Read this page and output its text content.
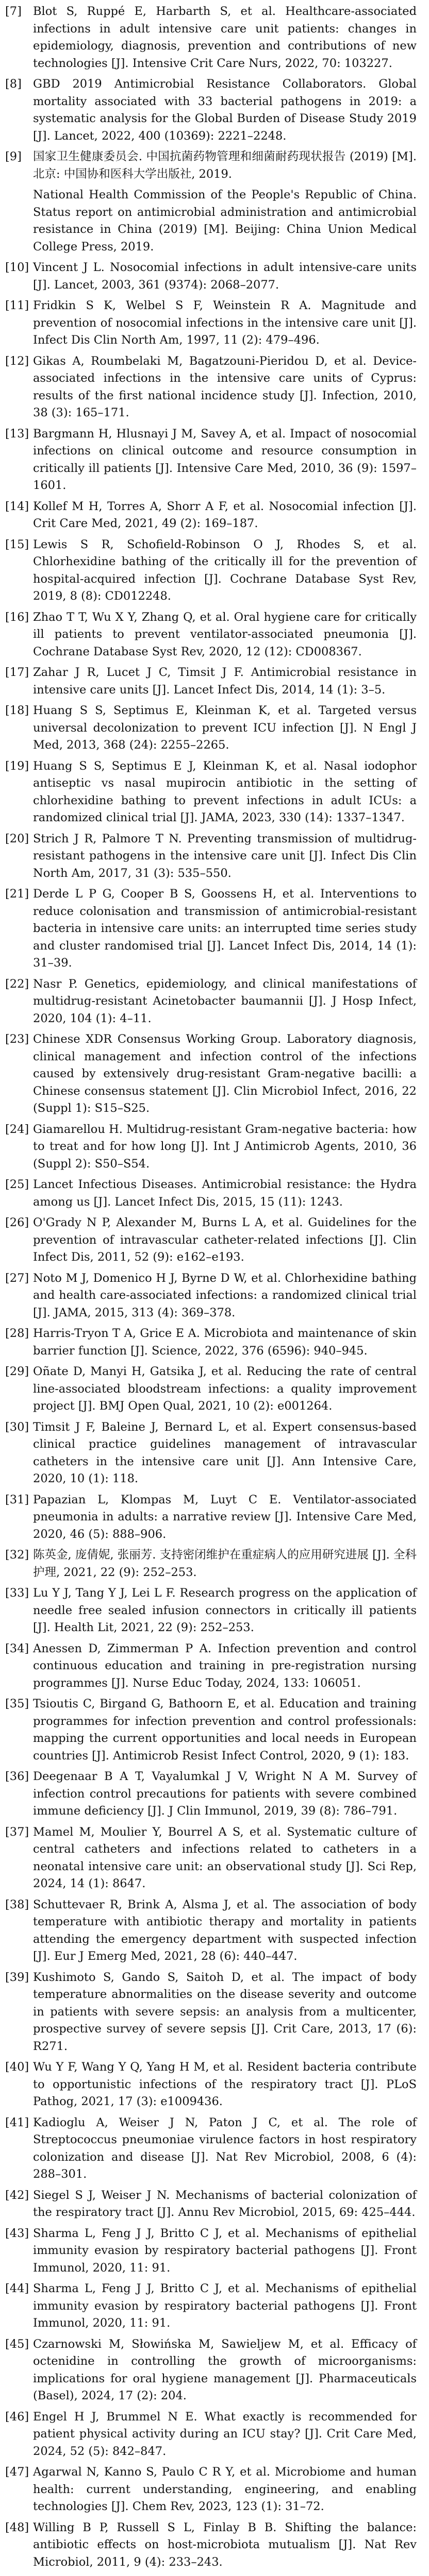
[7] Blot S, Ruppé E, Harbarth S, et al. Healthcare-associated infections in adult intensive care unit patients: changes in epidemiology, diagnosis, prevention and contributions of new technologies [J]. Intensive Crit Care Nurs, 2022, 70: 103227.
[8] GBD 2019 Antimicrobial Resistance Collaborators. Global mortality associated with 33 bacterial pathogens in 2019: a systematic analysis for the Global Burden of Disease Study 2019 [J]. Lancet, 2022, 400 (10369): 2221–2248.
[9] 国家卫生健康委员会. 中国抗菌药物管理和细菌耐药现状报告 (2019) [M]. 北京: 中国协和医科大学出版社, 2019.
National Health Commission of the People's Republic of China. Status report on antimicrobial administration and antimicrobial resistance in China (2019) [M]. Beijing: China Union Medical College Press, 2019.
[10] Vincent J L. Nosocomial infections in adult intensive-care units [J]. Lancet, 2003, 361 (9374): 2068–2077.
[11] Fridkin S K, Welbel S F, Weinstein R A. Magnitude and prevention of nosocomial infections in the intensive care unit [J]. Infect Dis Clin North Am, 1997, 11 (2): 479–496.
[12] Gikas A, Roumbelaki M, Bagatzouni-Pieridou D, et al. Device-associated infections in the intensive care units of Cyprus: results of the first national incidence study [J]. Infection, 2010, 38 (3): 165–171.
[13] Bargmann H, Hlusnayi J M, Savey A, et al. Impact of nosocomial infections on clinical outcome and resource consumption in critically ill patients [J]. Intensive Care Med, 2010, 36 (9): 1597–1601.
[14] Kollef M H, Torres A, Shorr A F, et al. Nosocomial infection [J]. Crit Care Med, 2021, 49 (2): 169–187.
[15] Lewis S R, Schofield-Robinson O J, Rhodes S, et al. Chlorhexidine bathing of the critically ill for the prevention of hospital-acquired infection [J]. Cochrane Database Syst Rev, 2019, 8 (8): CD012248.
[16] Zhao T T, Wu X Y, Zhang Q, et al. Oral hygiene care for critically ill patients to prevent ventilator-associated pneumonia [J]. Cochrane Database Syst Rev, 2020, 12 (12): CD008367.
[17] Zahar J R, Lucet J C, Timsit J F. Antimicrobial resistance in intensive care units [J]. Lancet Infect Dis, 2014, 14 (1): 3–5.
[18] Huang S S, Septimus E, Kleinman K, et al. Targeted versus universal decolonization to prevent ICU infection [J]. N Engl J Med, 2013, 368 (24): 2255–2265.
[19] Huang S S, Septimus E J, Kleinman K, et al. Nasal iodophor antiseptic vs nasal mupirocin antibiotic in the setting of chlorhexidine bathing to prevent infections in adult ICUs: a randomized clinical trial [J]. JAMA, 2023, 330 (14): 1337–1347.
[20] Strich J R, Palmore T N. Preventing transmission of multidrug-resistant pathogens in the intensive care unit [J]. Infect Dis Clin North Am, 2017, 31 (3): 535–550.
[21] Derde L P G, Cooper B S, Goossens H, et al. Interventions to reduce colonisation and transmission of antimicrobial-resistant bacteria in intensive care units: an interrupted time series study and cluster randomised trial [J]. Lancet Infect Dis, 2014, 14 (1): 31–39.
[22] Nasr P. Genetics, epidemiology, and clinical manifestations of multidrug-resistant Acinetobacter baumannii [J]. J Hosp Infect, 2020, 104 (1): 4–11.
[23] Chinese XDR Consensus Working Group. Laboratory diagnosis, clinical management and infection control of the infections caused by extensively drug-resistant Gram-negative bacilli: a Chinese consensus statement [J]. Clin Microbiol Infect, 2016, 22 (Suppl 1): S15–S25.
[24] Giamarellou H. Multidrug-resistant Gram-negative bacteria: how to treat and for how long [J]. Int J Antimicrob Agents, 2010, 36 (Suppl 2): S50–S54.
[25] Lancet Infectious Diseases. Antimicrobial resistance: the Hydra among us [J]. Lancet Infect Dis, 2015, 15 (11): 1243.
[26] O'Grady N P, Alexander M, Burns L A, et al. Guidelines for the prevention of intravascular catheter-related infections [J]. Clin Infect Dis, 2011, 52 (9): e162–e193.
[27] Noto M J, Domenico H J, Byrne D W, et al. Chlorhexidine bathing and health care-associated infections: a randomized clinical trial [J]. JAMA, 2015, 313 (4): 369–378.
[28] Harris-Tryon T A, Grice E A. Microbiota and maintenance of skin barrier function [J]. Science, 2022, 376 (6596): 940–945.
[29] Oñate D, Manyi H, Gatsika J, et al. Reducing the rate of central line-associated bloodstream infections: a quality improvement project [J]. BMJ Open Qual, 2021, 10 (2): e001264.
[30] Timsit J F, Baleine J, Bernard L, et al. Expert consensus-based clinical practice guidelines management of intravascular catheters in the intensive care unit [J]. Ann Intensive Care, 2020, 10 (1): 118.
[31] Papazian L, Klompas M, Luyt C E. Ventilator-associated pneumonia in adults: a narrative review [J]. Intensive Care Med, 2020, 46 (5): 888–906.
[32] 陈英金, 庞倩妮, 张丽芳. 支持密闭维护在重症病人的应用研究进展 [J]. 全科护理, 2021, 22 (9): 252–253.
[33] Lu Y J, Tang Y J, Lei L F. Research progress on the application of needle free sealed infusion connectors in critically ill patients [J]. Health Lit, 2021, 22 (9): 252–253.
[34] Anessen D, Zimmerman P A. Infection prevention and control continuous education and training in pre-registration nursing programmes [J]. Nurse Educ Today, 2024, 133: 106051.
[35] Tsioutis C, Birgand G, Bathoorn E, et al. Education and training programmes for infection prevention and control professionals: mapping the current opportunities and local needs in European countries [J]. Antimicrob Resist Infect Control, 2020, 9 (1): 183.
[36] Deegenaar B A T, Vayalumkal J V, Wright N A M. Survey of infection control precautions for patients with severe combined immune deficiency [J]. J Clin Immunol, 2019, 39 (8): 786–791.
[37] Mamel M, Moulier Y, Bourrel A S, et al. Systematic culture of central catheters and infections related to catheters in a neonatal intensive care unit: an observational study [J]. Sci Rep, 2024, 14 (1): 8647.
[38] Schuttevaer R, Brink A, Alsma J, et al. The association of body temperature with antibiotic therapy and mortality in patients attending the emergency department with suspected infection [J]. Eur J Emerg Med, 2021, 28 (6): 440–447.
[39] Kushimoto S, Gando S, Saitoh D, et al. The impact of body temperature abnormalities on the disease severity and outcome in patients with severe sepsis: an analysis from a multicenter, prospective survey of severe sepsis [J]. Crit Care, 2013, 17 (6): R271.
[40] Wu Y F, Wang Y Q, Yang H M, et al. Resident bacteria contribute to opportunistic infections of the respiratory tract [J]. PLoS Pathog, 2021, 17 (3): e1009436.
[41] Kadioglu A, Weiser J N, Paton J C, et al. The role of Streptococcus pneumoniae virulence factors in host respiratory colonization and disease [J]. Nat Rev Microbiol, 2008, 6 (4): 288–301.
[42] Siegel S J, Weiser J N. Mechanisms of bacterial colonization of the respiratory tract [J]. Annu Rev Microbiol, 2015, 69: 425–444.
[43] Sharma L, Feng J J, Britto C J, et al. Mechanisms of epithelial immunity evasion by respiratory bacterial pathogens [J]. Front Immunol, 2020, 11: 91.
[44] Sharma L, Feng J J, Britto C J, et al. Mechanisms of epithelial immunity evasion by respiratory bacterial pathogens [J]. Front Immunol, 2020, 11: 91.
[45] Czarnowski M, Słowińska M, Sawieljew M, et al. Efficacy of octenidine in controlling the growth of microorganisms: implications for oral hygiene management [J]. Pharmaceuticals (Basel), 2024, 17 (2): 204.
[46] Engel H J, Brummel N E. What exactly is recommended for patient physical activity during an ICU stay? [J]. Crit Care Med, 2024, 52 (5): 842–847.
[47] Agarwal N, Kanno S, Paulo C R Y, et al. Microbiome and human health: current understanding, engineering, and enabling technologies [J]. Chem Rev, 2023, 123 (1): 31–72.
[48] Willing B P, Russell S L, Finlay B B. Shifting the balance: antibiotic effects on host-microbiota mutualism [J]. Nat Rev Microbiol, 2011, 9 (4): 233–243.
